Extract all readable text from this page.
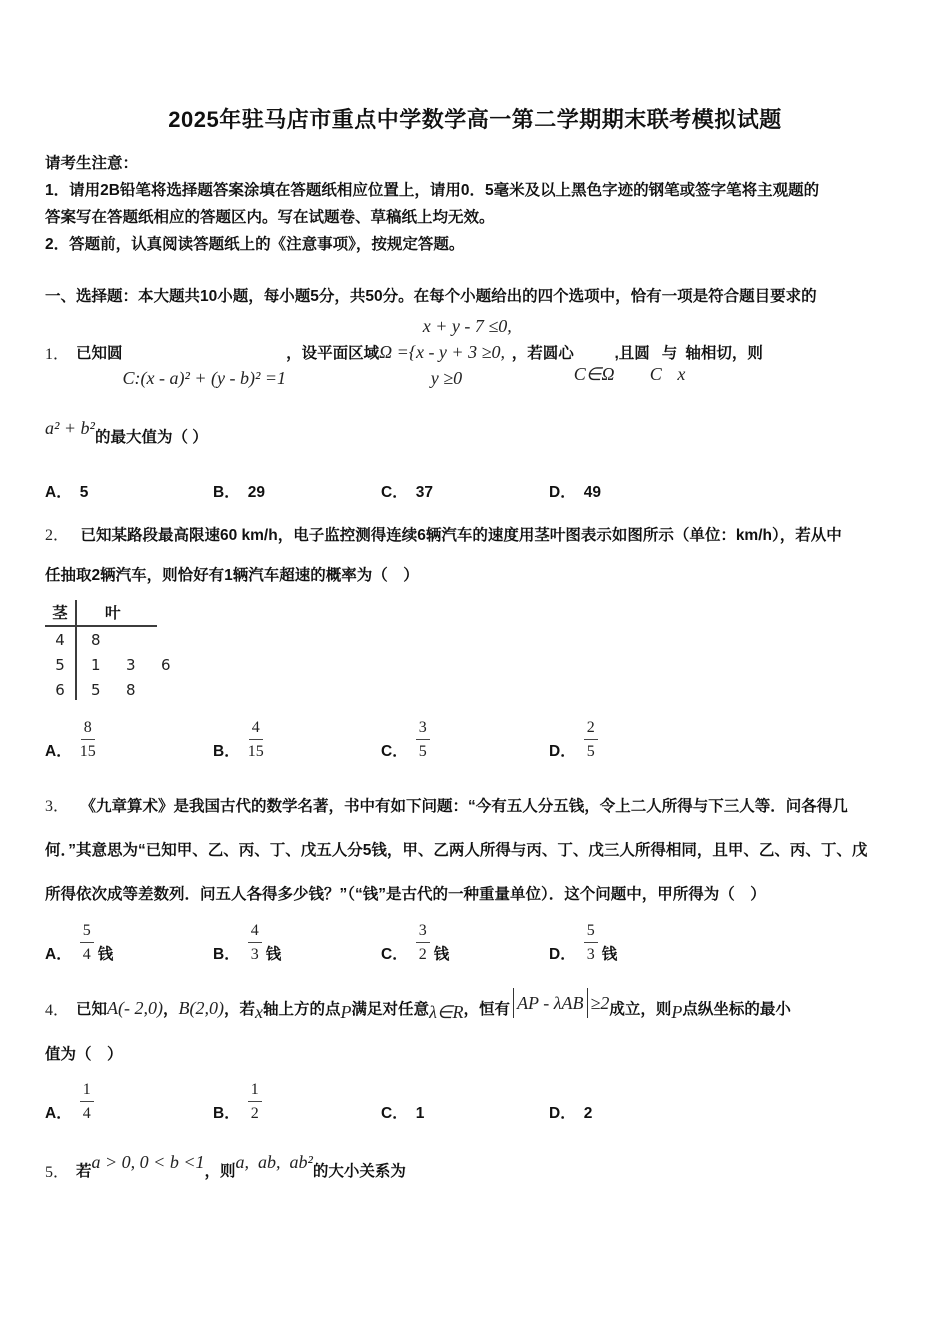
2025年驻马店市重点中学数学高一第二学期期末联考模拟试题
请考生注意：
1．请用2B铅笔将选择题答案涂填在答题纸相应位置上，请用0．5毫米及以上黑色字迹的钢笔或签字笔将主观题的
答案写在答题纸相应的答题区内。写在试题卷、草稿纸上均无效。
2．答题前，认真阅读答题纸上的《注意事项》，按规定答题。
一、选择题：本大题共10小题，每小题5分，共50分。在每个小题给出的四个选项中，恰有一项是符合题目要求的
1． 已知圆
C:(x - a)² + (y - b)² =1
，设平面区域 Ω =
x + y - 7 ≤0,
{x - y + 3 ≥0,
y ≥0
，若圆心
C∈Ω
,且圆
C
与
x
轴相切，则
a² + b² 的最大值为（ ）
A． 5	B． 29	C． 37	D． 49
2． 已知某路段最高限速60 km/h，电子监控测得连续6辆汽车的速度用茎叶图表示如图所示（单位：km/h），若从中
任抽取2辆汽车，则恰好有1辆汽车超速的概率为（　）
茎	叶
4	8
5	1	3	6
6	5	8
A． $\frac{8}{15}$	B． $\frac{4}{15}$	C． $\frac{3}{5}$	D． $\frac{2}{5}$
3． 《九章算术》是我国古代的数学名著，书中有如下问题：“今有五人分五钱，令上二人所得与下三人等．问各得几
何．”其意思为“已知甲、乙、丙、丁、戊五人分5钱，甲、乙两人所得与丙、丁、戊三人所得相同，且甲、乙、丙、丁、戊
所得依次成等差数列．问五人各得多少钱？”（“钱”是古代的一种重量单位）．这个问题中，甲所得为（　）
A． $\frac{5}{4}$ 钱	B． $\frac{4}{3}$ 钱	C． $\frac{3}{2}$ 钱	D． $\frac{5}{3}$ 钱
4． 已知 A(- 2,0) ， B(2,0) ，若 x 轴上方的点 P 满足对任意 λ∈R ，恒有 AP - λAB ≥2 成立，则 P 点纵坐标的最小
值为（　）
A． $\frac{1}{4}$	B． $\frac{1}{2}$	C． 1	D． 2
5． 若 a > 0, 0 < b <1 ，则 a,  ab,  ab² 的大小关系为
